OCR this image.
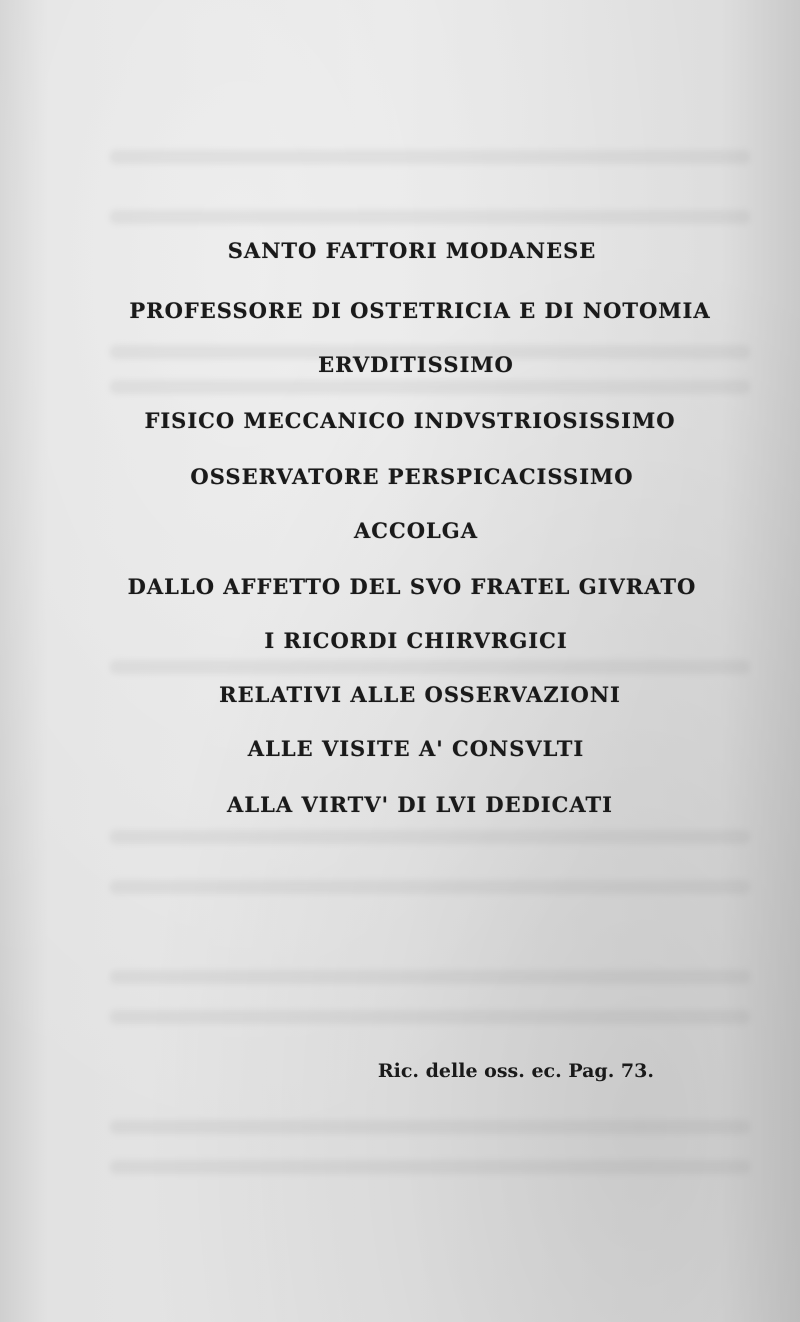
SANTO FATTORI MODANESE
PROFESSORE DI OSTETRICIA E DI NOTOMIA
ERVDITISSIMO
FISICO MECCANICO INDVSTRIOSISSIMO
OSSERVATORE PERSPICACISSIMO
ACCOLGA
DALLO AFFETTO DEL SVO FRATEL GIVRATO
I RICORDI CHIRVRGICI
RELATIVI ALLE OSSERVAZIONI
ALLE VISITE A' CONSVLTI
ALLA VIRTV' DI LVI DEDICATI
Ric. delle oss. ec. Pag. 73.
